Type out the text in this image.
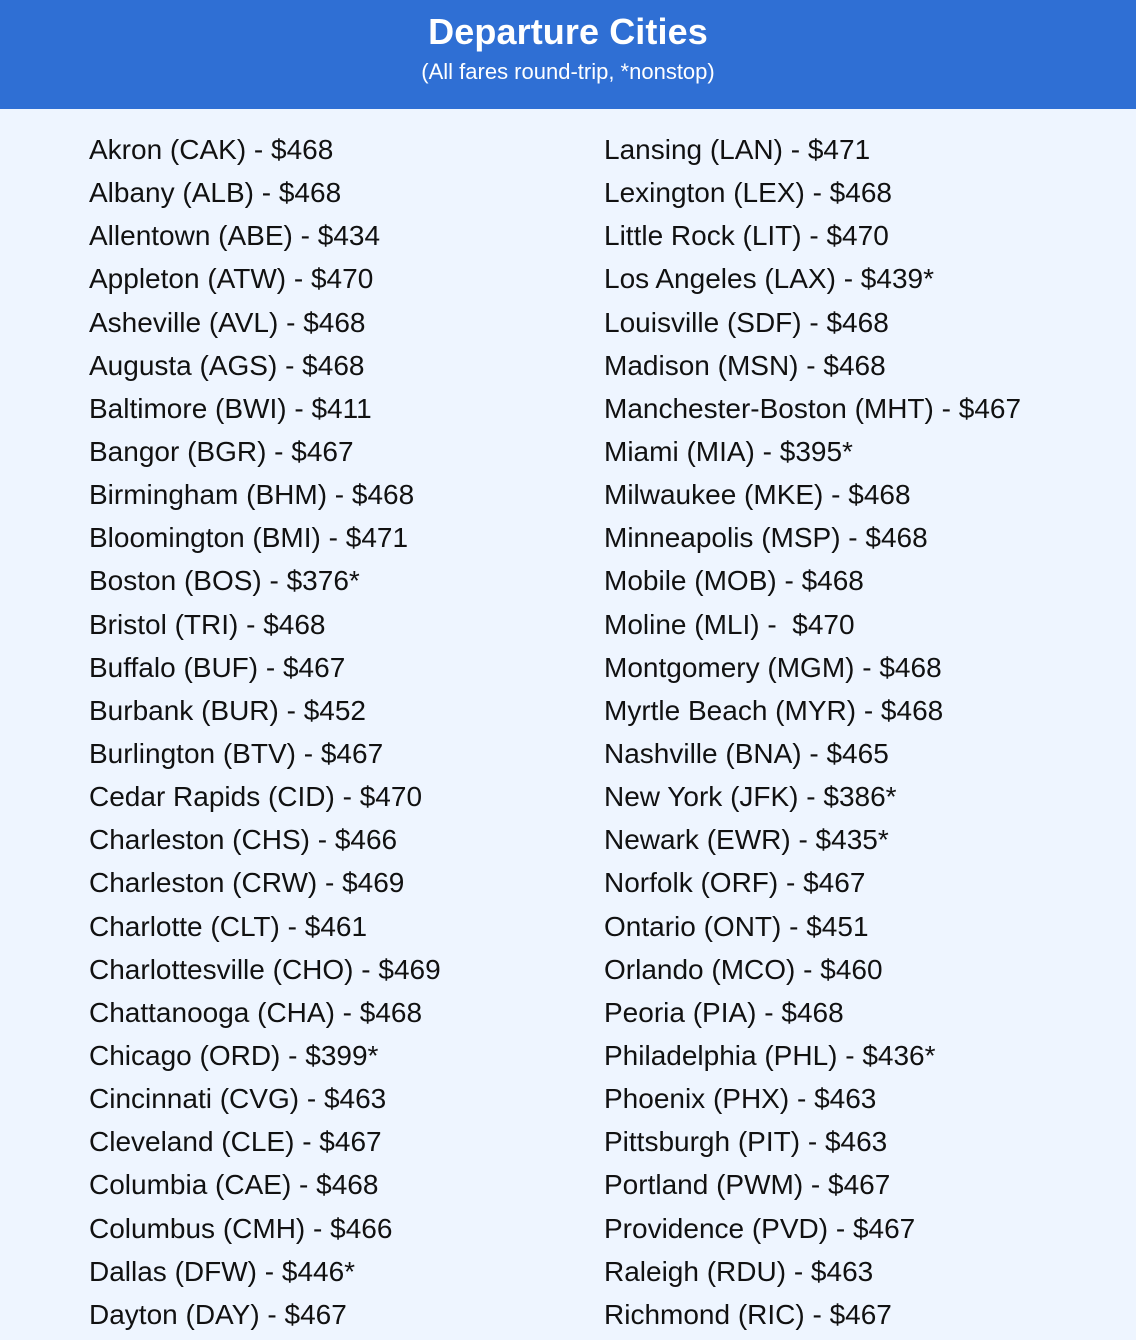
Departure Cities
(All fares round-trip, *nonstop)
Akron (CAK) - $468
Albany (ALB) - $468
Allentown (ABE) - $434
Appleton (ATW) - $470
Asheville (AVL) - $468
Augusta (AGS) - $468
Baltimore (BWI) - $411
Bangor (BGR) - $467
Birmingham (BHM) - $468
Bloomington (BMI) - $471
Boston (BOS) - $376*
Bristol (TRI) - $468
Buffalo (BUF) - $467
Burbank (BUR) - $452
Burlington (BTV) - $467
Cedar Rapids (CID) - $470
Charleston (CHS) - $466
Charleston (CRW) - $469
Charlotte (CLT) - $461
Charlottesville (CHO) - $469
Chattanooga (CHA) - $468
Chicago (ORD) - $399*
Cincinnati (CVG) - $463
Cleveland (CLE) - $467
Columbia (CAE) - $468
Columbus (CMH) - $466
Dallas (DFW) - $446*
Dayton (DAY) - $467
Lansing (LAN) - $471
Lexington (LEX) - $468
Little Rock (LIT) - $470
Los Angeles (LAX) - $439*
Louisville (SDF) - $468
Madison (MSN) - $468
Manchester-Boston (MHT) - $467
Miami (MIA) - $395*
Milwaukee (MKE) - $468
Minneapolis (MSP) - $468
Mobile (MOB) - $468
Moline (MLI) -  $470
Montgomery (MGM) - $468
Myrtle Beach (MYR) - $468
Nashville (BNA) - $465
New York (JFK) - $386*
Newark (EWR) - $435*
Norfolk (ORF) - $467
Ontario (ONT) - $451
Orlando (MCO) - $460
Peoria (PIA) - $468
Philadelphia (PHL) - $436*
Phoenix (PHX) - $463
Pittsburgh (PIT) - $463
Portland (PWM) - $467
Providence (PVD) - $467
Raleigh (RDU) - $463
Richmond (RIC) - $467
